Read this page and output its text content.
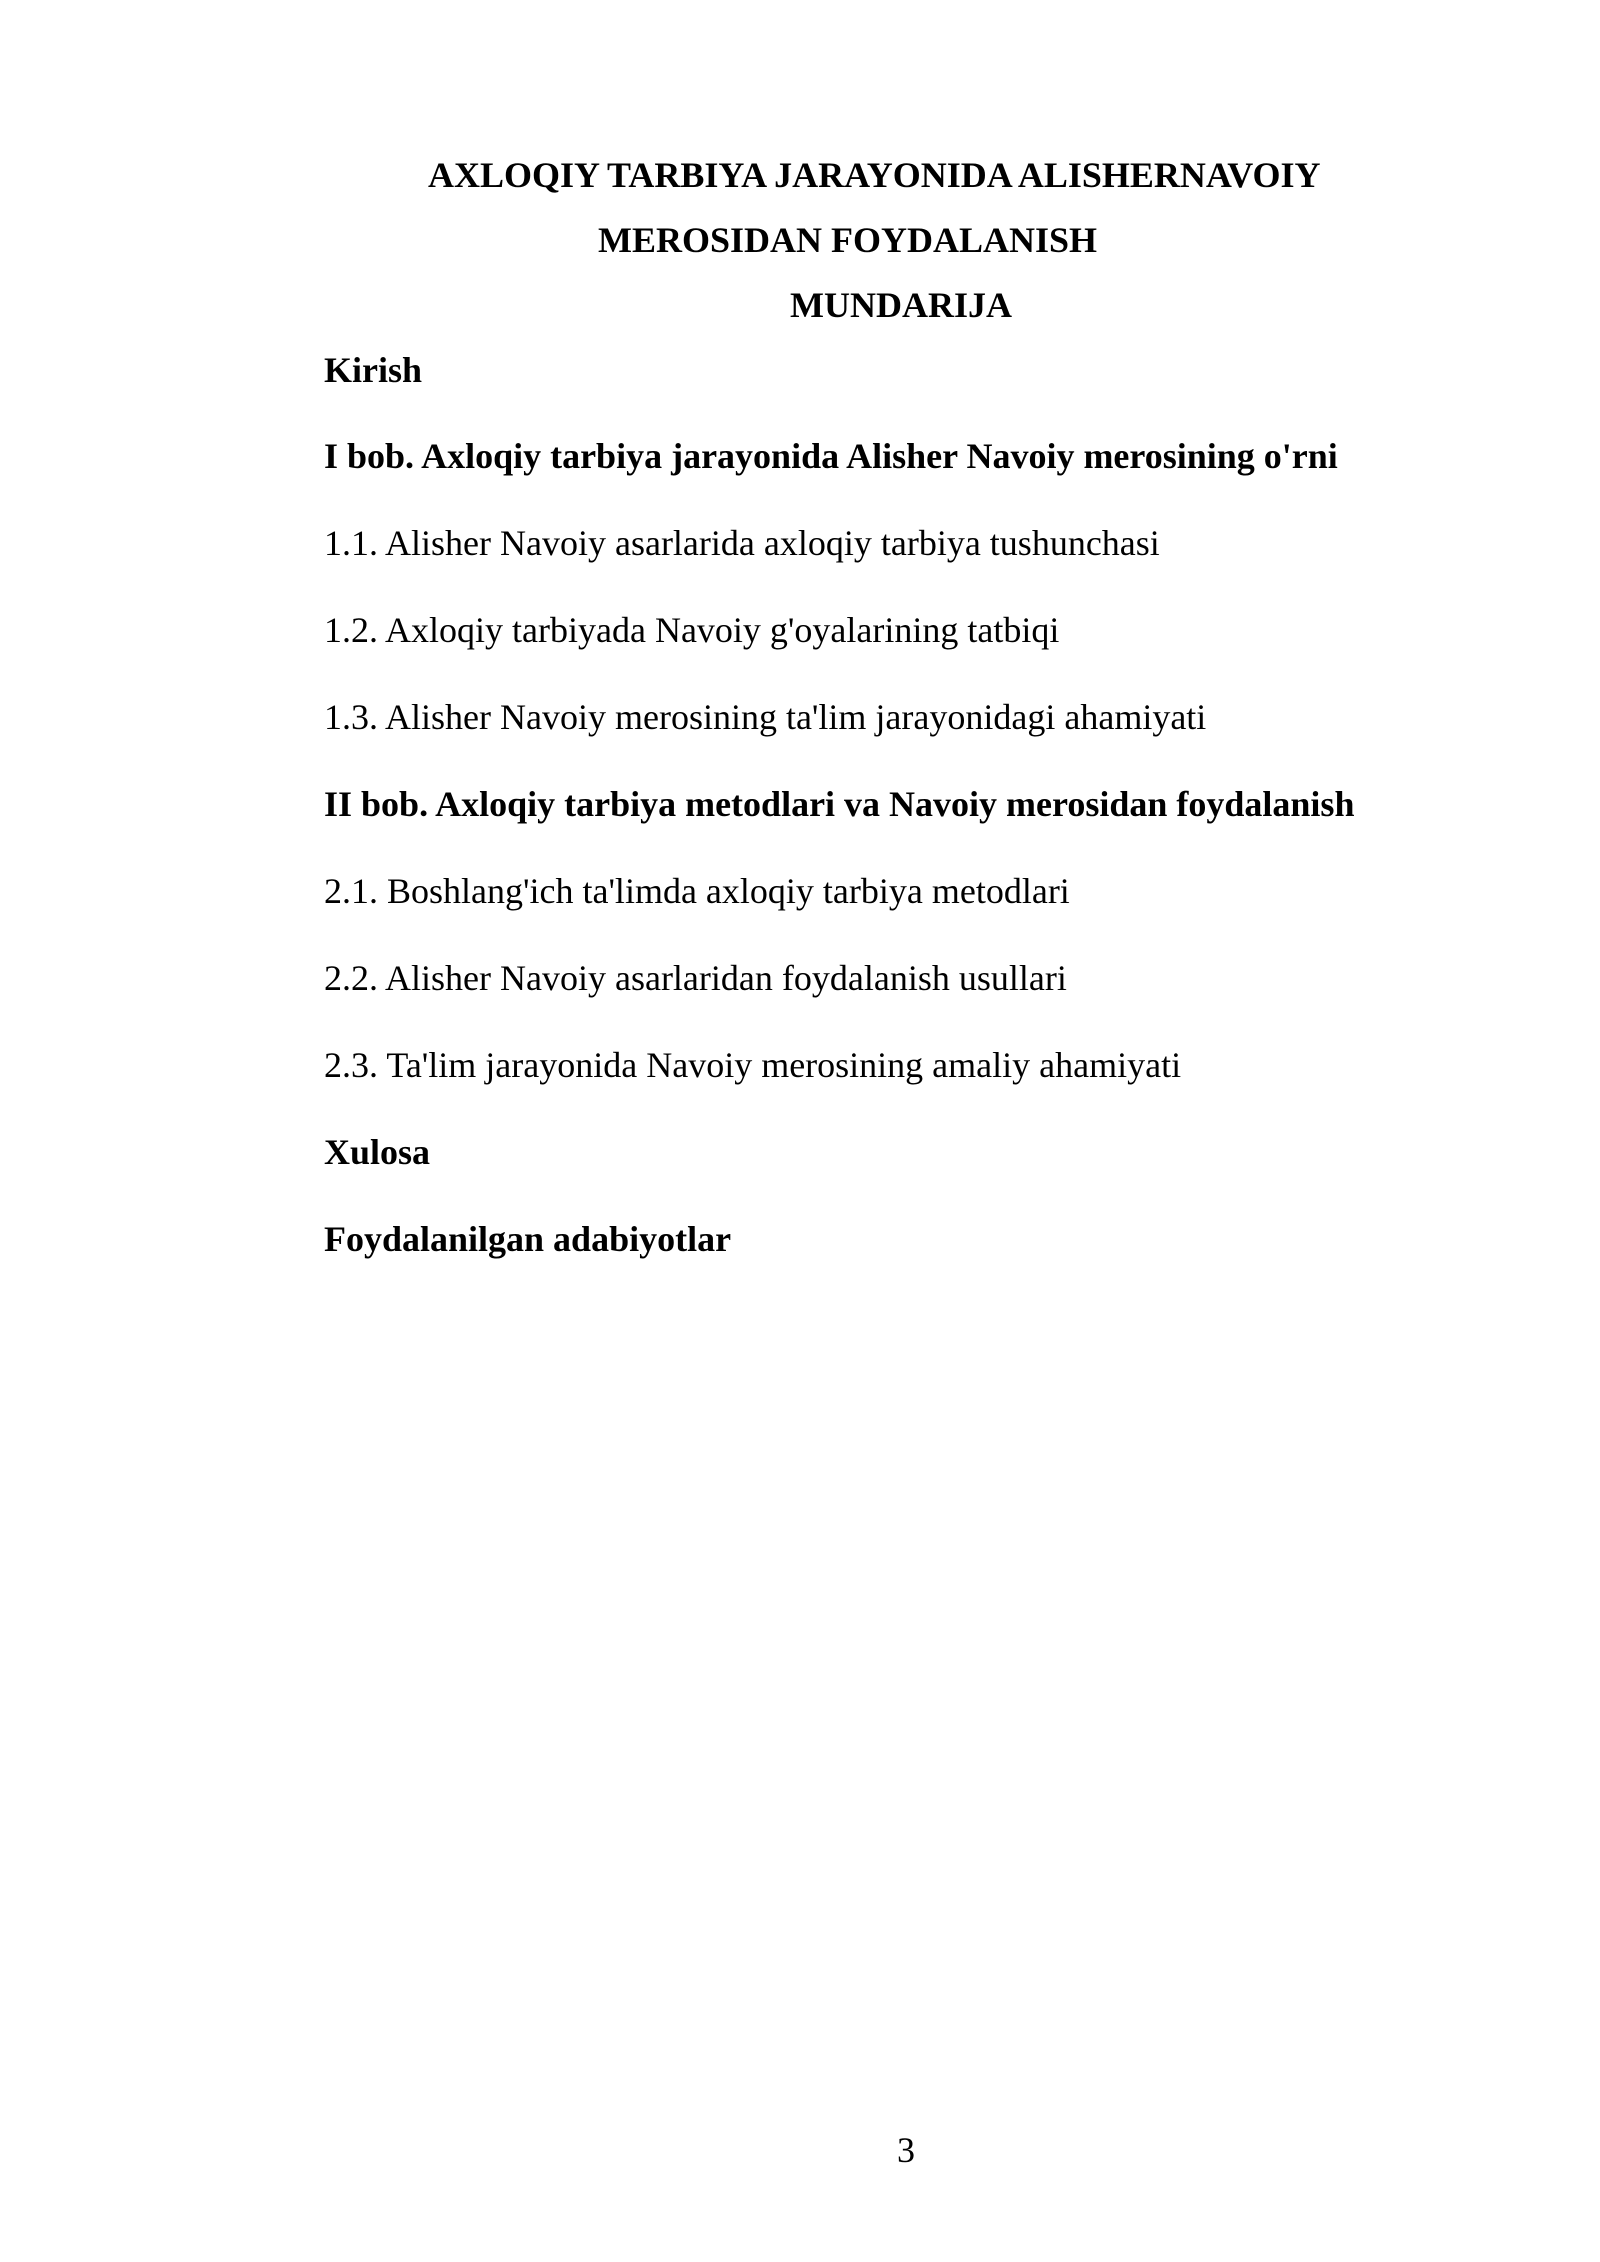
AXLOQIY TARBIYA JARAYONIDA ALISHERNAVOIY
MEROSIDAN FOYDALANISH
MUNDARIJA
Kirish
I bob. Axloqiy tarbiya jarayonida Alisher Navoiy merosining o'rni
1.1. Alisher Navoiy asarlarida axloqiy tarbiya tushunchasi
1.2. Axloqiy tarbiyada Navoiy g'oyalarining tatbiqi
1.3. Alisher Navoiy merosining ta'lim jarayonidagi ahamiyati
II bob. Axloqiy tarbiya metodlari va Navoiy merosidan foydalanish
2.1. Boshlang'ich ta'limda axloqiy tarbiya metodlari
2.2. Alisher Navoiy asarlaridan foydalanish usullari
2.3. Ta'lim jarayonida Navoiy merosining amaliy ahamiyati
Xulosa
Foydalanilgan adabiyotlar
3
